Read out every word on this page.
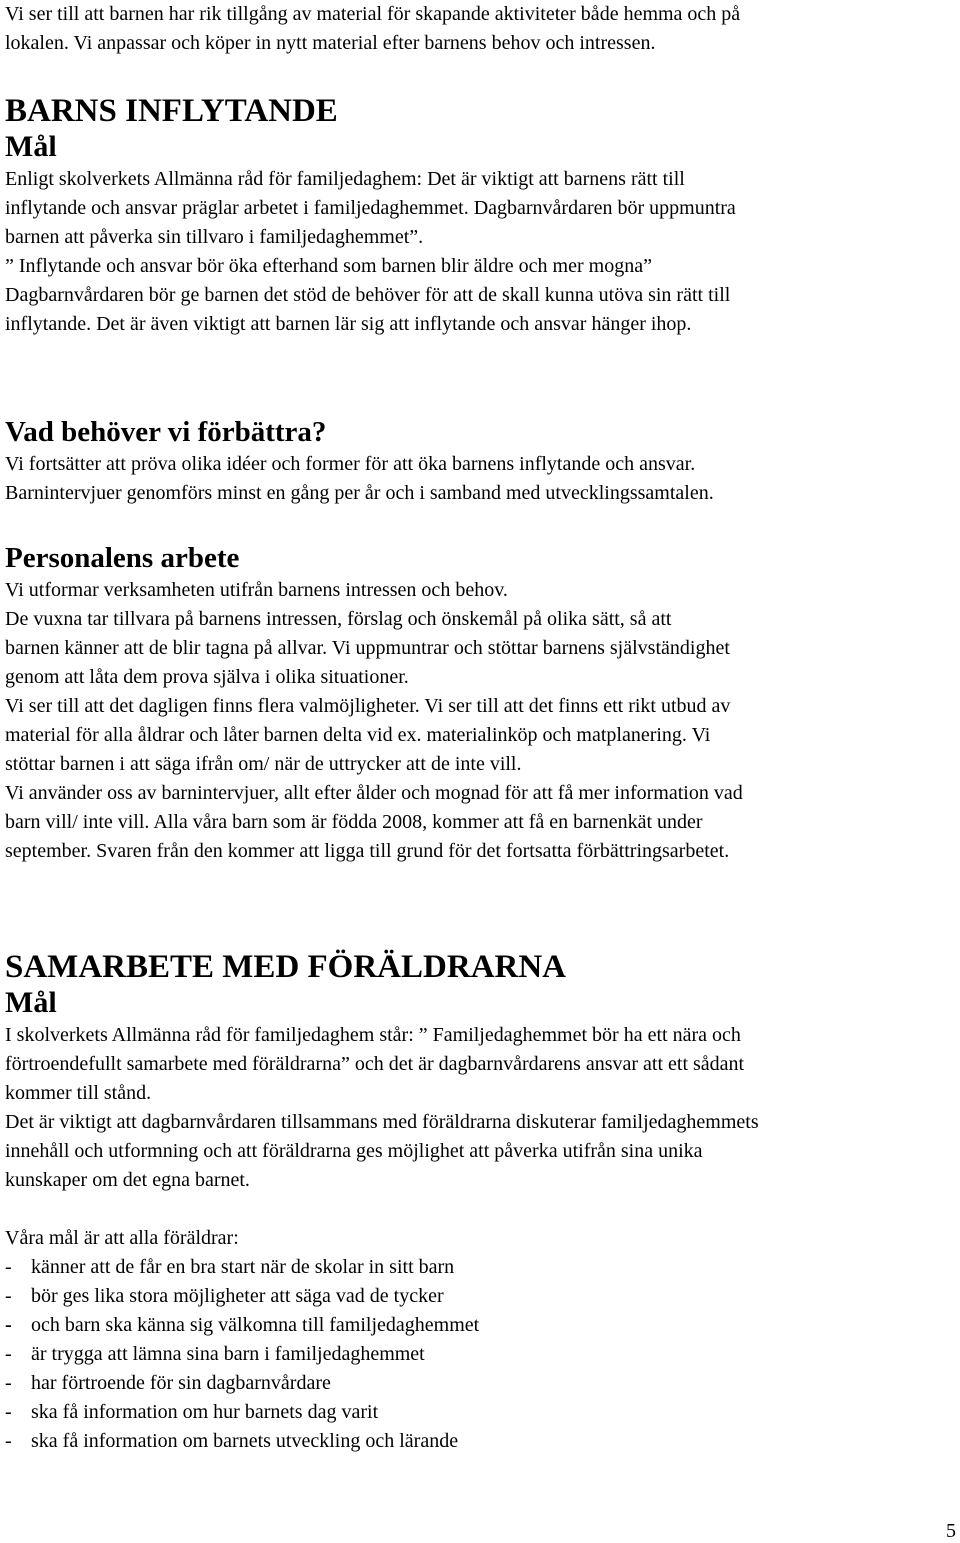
Vi ser till att barnen har rik tillgång av material för skapande aktiviteter både hemma och på

lokalen. Vi anpassar och köper in nytt material efter barnens behov och intressen.

BARNS INFLYTANDE
Mål

Enligt skolverkets Allmänna råd för familjedaghem: Det är viktigt att barnens rätt till

inflytande och ansvar präglar arbetet i familjedaghemmet. Dagbarnvårdaren bör uppmuntra

barnen att påverka sin tillvaro i familjedaghemmet”.

” Inflytande och ansvar bör öka efterhand som barnen blir äldre och mer mogna”

Dagbarnvårdaren bör ge barnen det stöd de behöver för att de skall kunna utöva sin rätt till

inflytande. Det är även viktigt att barnen lär sig att inflytande och ansvar hänger ihop.

Vad behöver vi förbättra?

Vi fortsätter att pröva olika idéer och former för att öka barnens inflytande och ansvar.

Barnintervjuer genomförs minst en gång per år och i samband med utvecklingssamtalen.

Personalens arbete

Vi utformar verksamheten utifrån barnens intressen och behov.

De vuxna tar tillvara på barnens intressen, förslag och önskemål på olika sätt, så att

barnen känner att de blir tagna på allvar. Vi uppmuntrar och stöttar barnens självständighet

genom att låta dem prova själva i olika situationer.

Vi ser till att det dagligen finns flera valmöjligheter. Vi ser till att det finns ett rikt utbud av

material för alla åldrar och låter barnen delta vid ex. materialinköp och matplanering. Vi

stöttar barnen i att säga ifrån om/ när de uttrycker att de inte vill.

Vi använder oss av barnintervjuer, allt efter ålder och mognad för att få mer information vad

barn vill/ inte vill. Alla våra barn som är födda 2008, kommer att få en barnenkät under

september. Svaren från den kommer att ligga till grund för det fortsatta förbättringsarbetet.

SAMARBETE MED FÖRÄLDRARNA
Mål

I skolverkets Allmänna råd för familjedaghem står: ” Familjedaghemmet bör ha ett nära och

förtroendefullt samarbete med föräldrarna” och det är dagbarnvårdarens ansvar att ett sådant

kommer till stånd.

Det är viktigt att dagbarnvårdaren tillsammans med föräldrarna diskuterar familjedaghemmets

innehåll och utformning och att föräldrarna ges möjlighet att påverka utifrån sina unika

kunskaper om det egna barnet.

Våra mål är att alla föräldrar:

- känner att de får en bra start när de skolar in sitt barn
- bör ges lika stora möjligheter att säga vad de tycker
- och barn ska känna sig välkomna till familjedaghemmet
- är trygga att lämna sina barn i familjedaghemmet
- har förtroende för sin dagbarnvårdare
- ska få information om hur barnets dag varit
- ska få information om barnets utveckling och lärande
5
